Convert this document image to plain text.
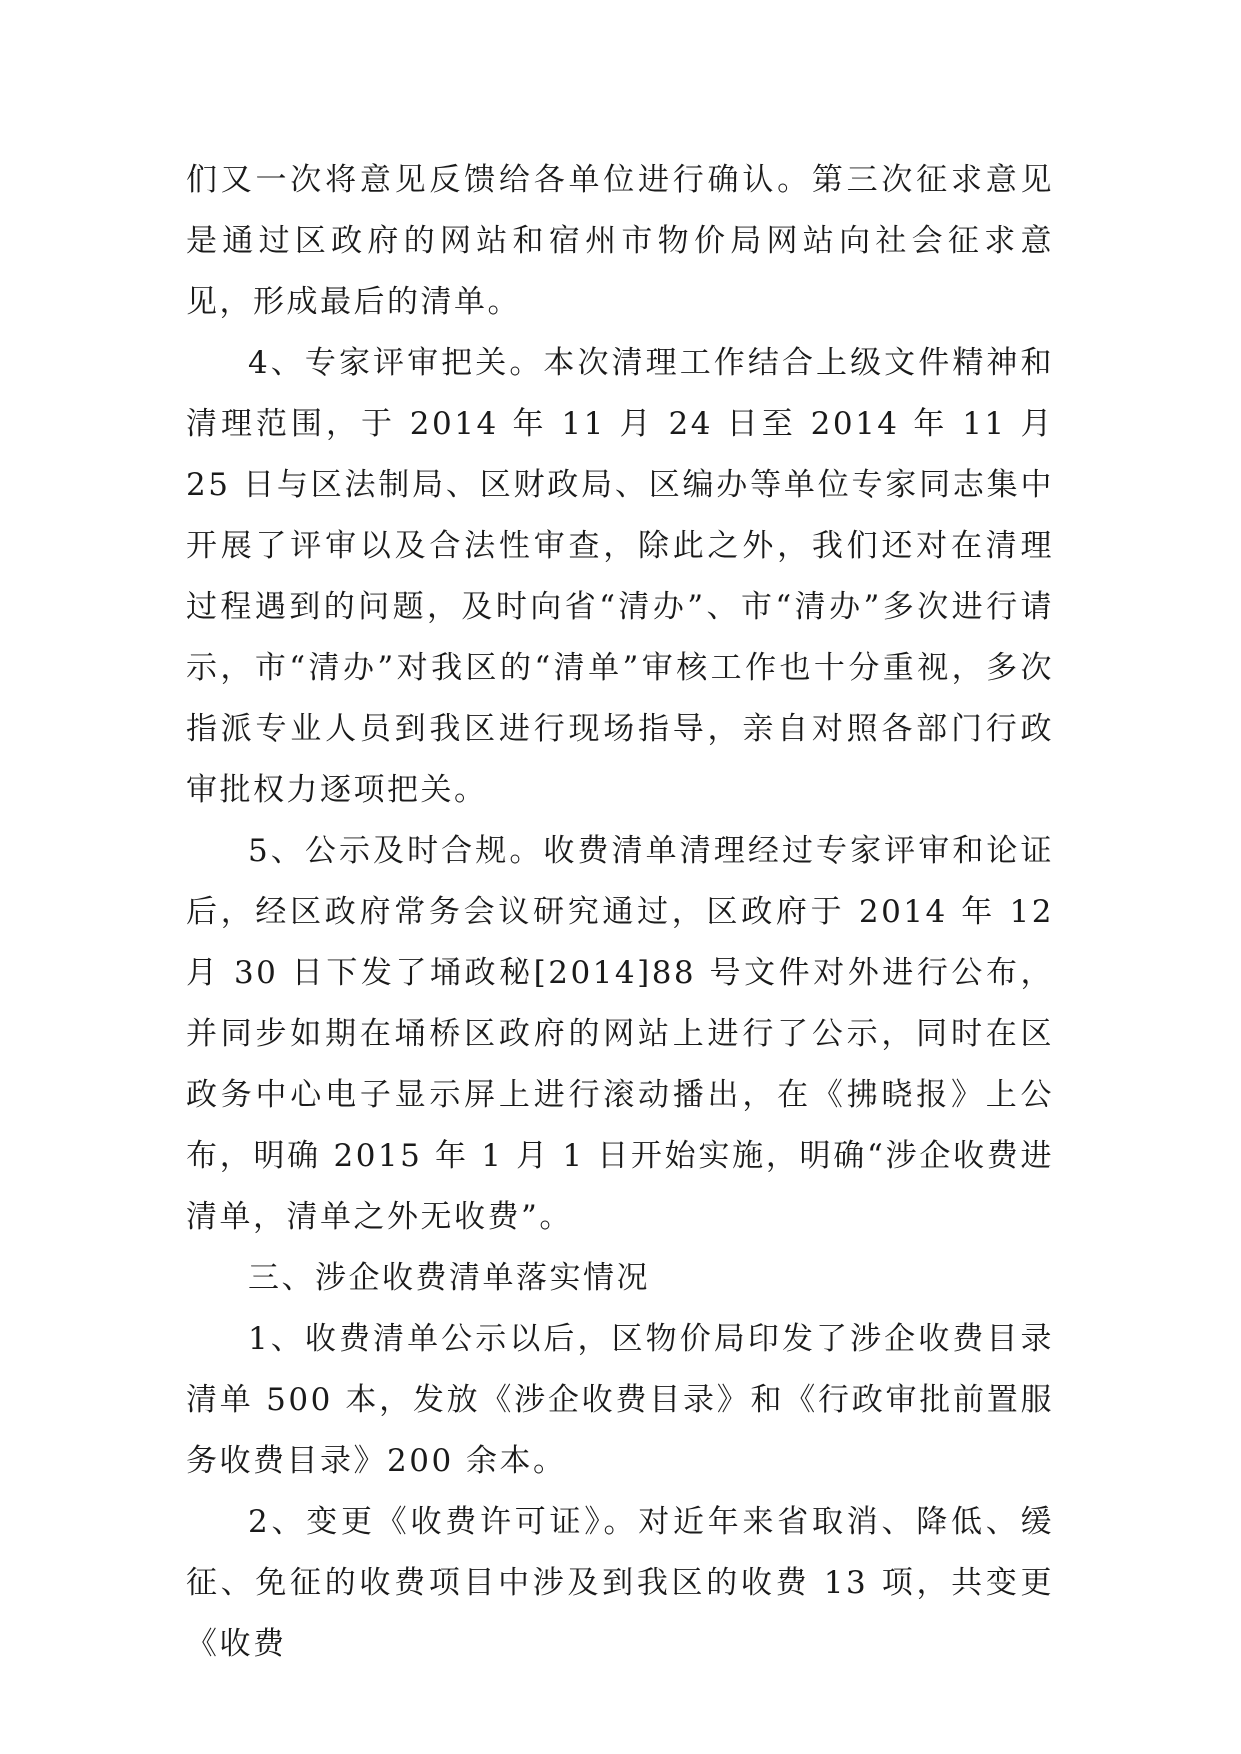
们又一次将意见反馈给各单位进行确认。第三次征求意见是通过区政府的网站和宿州市物价局网站向社会征求意见，形成最后的清单。

4、专家评审把关。本次清理工作结合上级文件精神和清理范围，于 2014 年 11 月 24 日至 2014 年 11 月 25 日与区法制局、区财政局、区编办等单位专家同志集中开展了评审以及合法性审查，除此之外，我们还对在清理过程遇到的问题，及时向省“清办”、市“清办”多次进行请示，市“清办”对我区的“清单”审核工作也十分重视，多次指派专业人员到我区进行现场指导，亲自对照各部门行政审批权力逐项把关。

5、公示及时合规。收费清单清理经过专家评审和论证后，经区政府常务会议研究通过，区政府于 2014 年 12 月 30 日下发了埇政秘[2014]88 号文件对外进行公布，并同步如期在埇桥区政府的网站上进行了公示，同时在区政务中心电子显示屏上进行滚动播出，在《拂晓报》上公布，明确 2015 年 1 月 1 日开始实施，明确“涉企收费进清单，清单之外无收费”。

三、涉企收费清单落实情况

1、收费清单公示以后，区物价局印发了涉企收费目录清单 500 本，发放《涉企收费目录》和《行政审批前置服务收费目录》200 余本。

2、变更《收费许可证》。对近年来省取消、降低、缓征、免征的收费项目中涉及到我区的收费 13 项，共变更《收费
